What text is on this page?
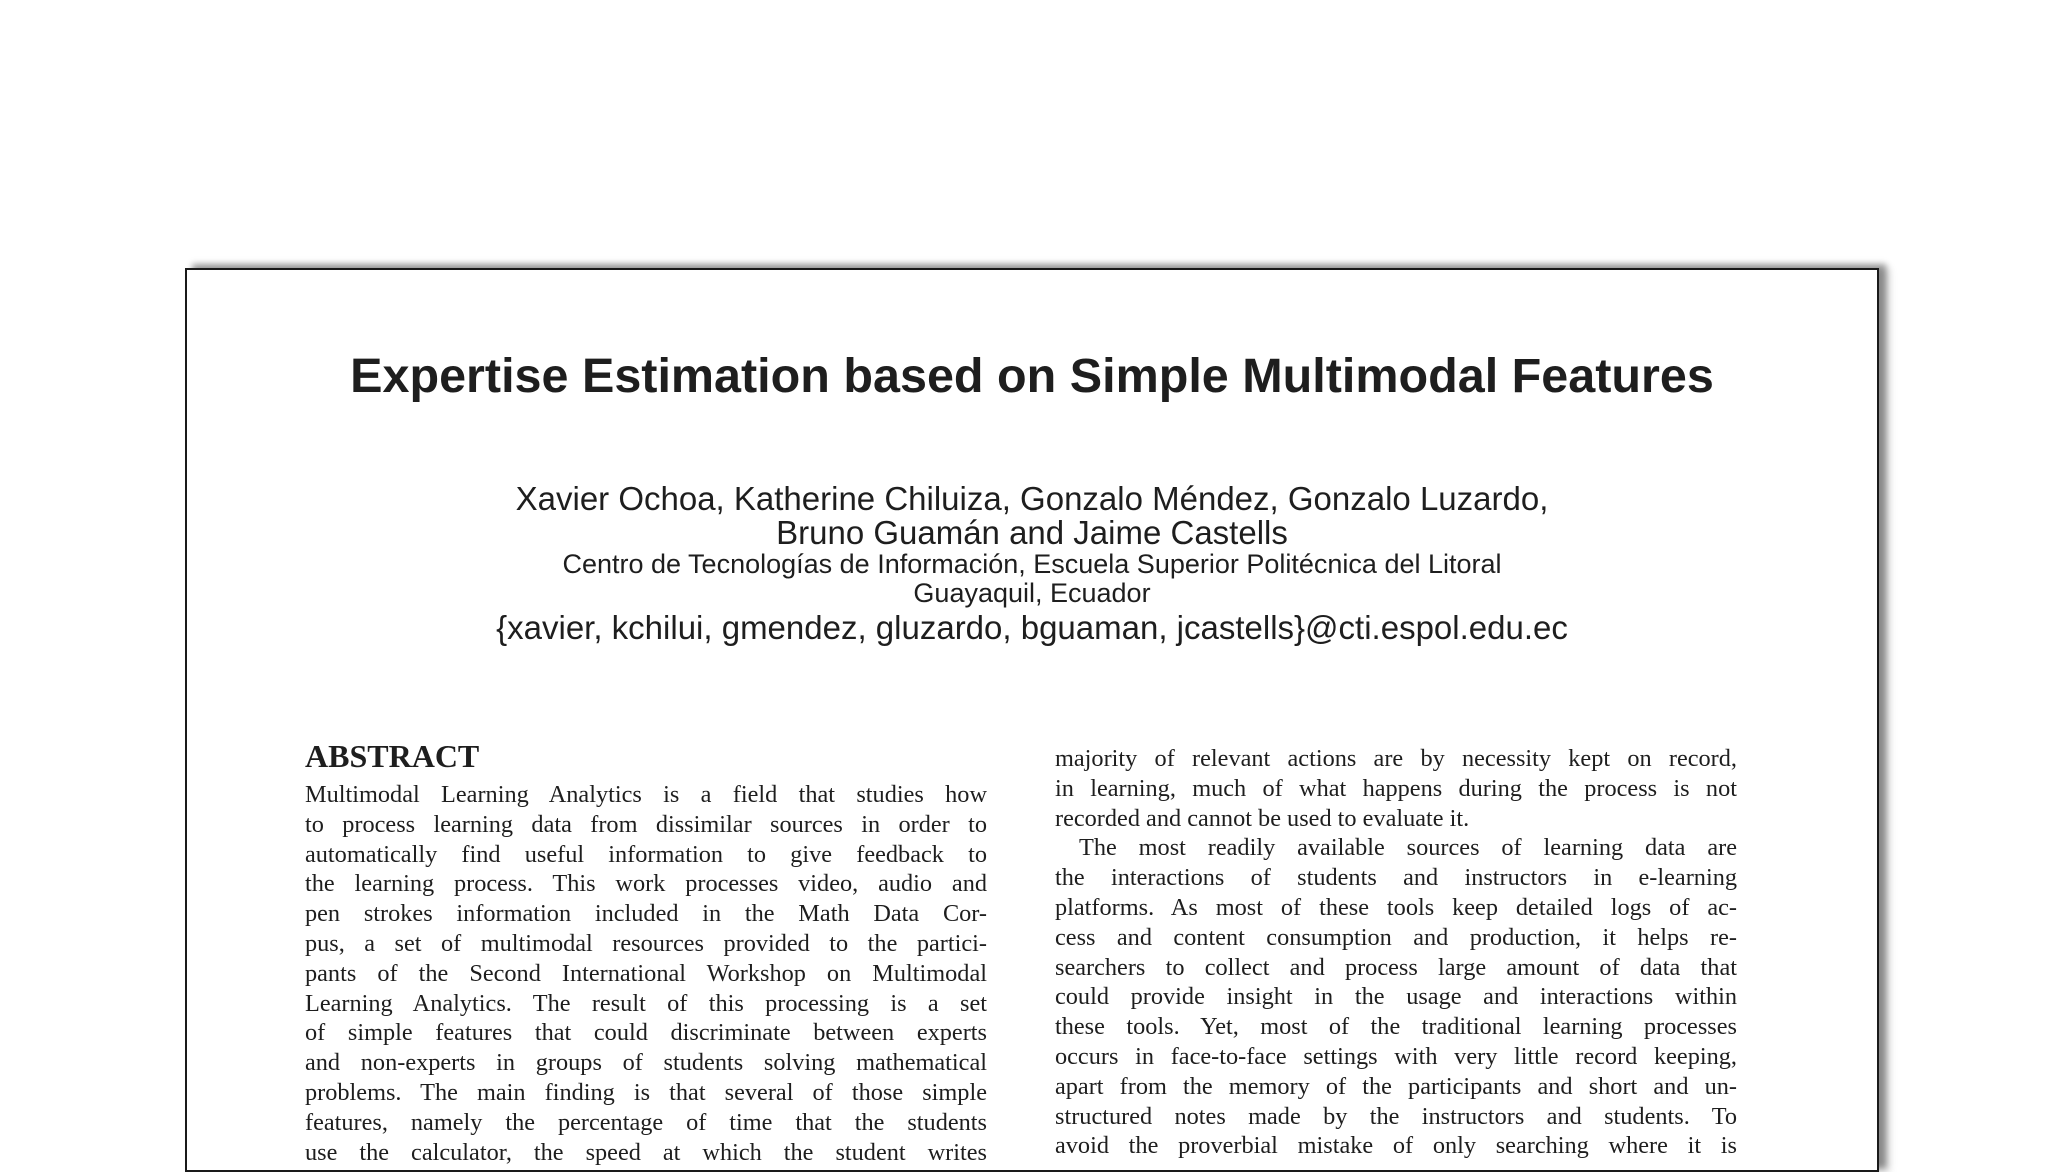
Expertise Estimation based on Simple Multimodal Features
Xavier Ochoa, Katherine Chiluiza, Gonzalo Méndez, Gonzalo Luzardo,
Bruno Guamán and Jaime Castells
Centro de Tecnologías de Información, Escuela Superior Politécnica del Litoral
Guayaquil, Ecuador
{xavier, kchilui, gmendez, gluzardo, bguaman, jcastells}@cti.espol.edu.ec
ABSTRACT
Multimodal Learning Analytics is a field that studies how
to process learning data from dissimilar sources in order to
automatically find useful information to give feedback to
the learning process. This work processes video, audio and
pen strokes information included in the Math Data Cor-
pus, a set of multimodal resources provided to the partici-
pants of the Second International Workshop on Multimodal
Learning Analytics. The result of this processing is a set
of simple features that could discriminate between experts
and non-experts in groups of students solving mathematical
problems. The main finding is that several of those simple
features, namely the percentage of time that the students
use the calculator, the speed at which the student writes
majority of relevant actions are by necessity kept on record,
in learning, much of what happens during the process is not
recorded and cannot be used to evaluate it.
The most readily available sources of learning data are
the interactions of students and instructors in e-learning
platforms. As most of these tools keep detailed logs of ac-
cess and content consumption and production, it helps re-
searchers to collect and process large amount of data that
could provide insight in the usage and interactions within
these tools. Yet, most of the traditional learning processes
occurs in face-to-face settings with very little record keeping,
apart from the memory of the participants and short and un-
structured notes made by the instructors and students. To
avoid the proverbial mistake of only searching where it is
